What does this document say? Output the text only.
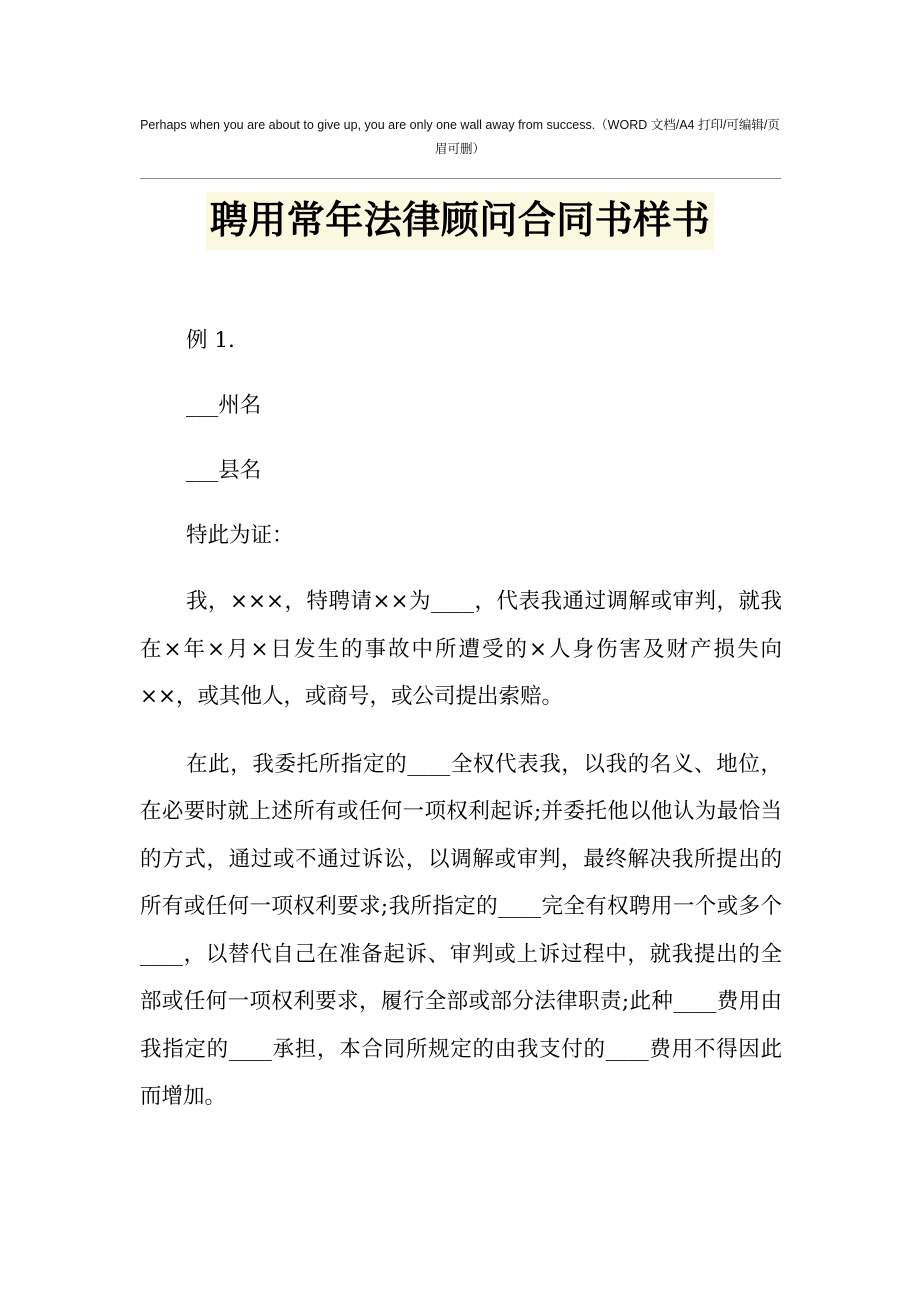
Perhaps when you are about to give up, you are only one wall away from success.（WORD 文档/A4 打印/可编辑/页眉可删）
聘用常年法律顾问合同书样书

例 1.

___州名

___县名

特此为证：

我，×××，特聘请××为____，代表我通过调解或审判，就我在×年×月×日发生的事故中所遭受的×人身伤害及财产损失向××，或其他人，或商号，或公司提出索赔。

在此，我委托所指定的____全权代表我，以我的名义、地位，在必要时就上述所有或任何一项权利起诉;并委托他以他认为最恰当的方式，通过或不通过诉讼，以调解或审判，最终解决我所提出的所有或任何一项权利要求;我所指定的____完全有权聘用一个或多个____，以替代自己在准备起诉、审判或上诉过程中，就我提出的全部或任何一项权利要求，履行全部或部分法律职责;此种____费用由我指定的____承担，本合同所规定的由我支付的____费用不得因此而增加。
